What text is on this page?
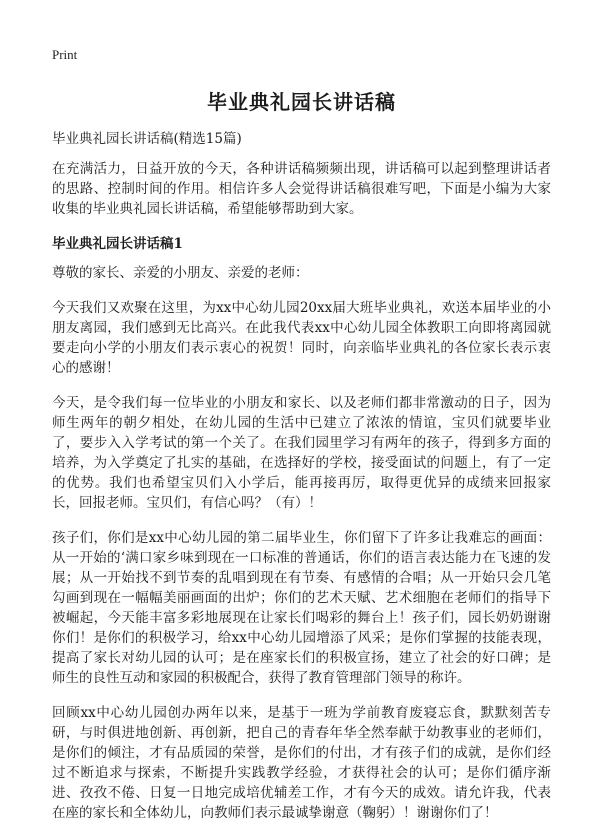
Print
毕业典礼园长讲话稿
毕业典礼园长讲话稿(精选15篇)
在充满活力，日益开放的今天，各种讲话稿频频出现，讲话稿可以起到整理讲话者的思路、控制时间的作用。相信许多人会觉得讲话稿很难写吧，下面是小编为大家收集的毕业典礼园长讲话稿，希望能够帮助到大家。
毕业典礼园长讲话稿1
尊敬的家长、亲爱的小朋友、亲爱的老师：
今天我们又欢聚在这里，为xx中心幼儿园20xx届大班毕业典礼，欢送本届毕业的小朋友离园，我们感到无比高兴。在此我代表xx中心幼儿园全体教职工向即将离园就要走向小学的小朋友们表示衷心的祝贺！同时，向亲临毕业典礼的各位家长表示衷心的感谢！
今天，是令我们每一位毕业的小朋友和家长、以及老师们都非常激动的日子，因为师生两年的朝夕相处，在幼儿园的生活中已建立了浓浓的情谊，宝贝们就要毕业了，要步入入学考试的第一个关了。在我们园里学习有两年的孩子，得到多方面的培养，为入学奠定了扎实的基础，在选择好的学校，接受面试的问题上，有了一定的优势。我们也希望宝贝们入小学后，能再接再厉，取得更优异的成绩来回报家长，回报老师。宝贝们，有信心吗？（有）！
孩子们，你们是xx中心幼儿园的第二届毕业生，你们留下了许多让我难忘的画面：从一开始的‘满口家乡味到现在一口标准的普通话，你们的语言表达能力在飞速的发展；从一开始找不到节奏的乱唱到现在有节奏、有感情的合唱；从一开始只会几笔勾画到现在一幅幅美丽画面的出炉；你们的艺术天赋、艺术细胞在老师们的指导下被崛起，今天能丰富多彩地展现在让家长们喝彩的舞台上！孩子们，园长奶奶谢谢你们！是你们的积极学习，给xx中心幼儿园增添了风采；是你们掌握的技能表现，提高了家长对幼儿园的认可；是在座家长们的积极宣扬，建立了社会的好口碑；是师生的良性互动和家园的积极配合，获得了教育管理部门领导的称许。
回顾xx中心幼儿园创办两年以来，是基于一班为学前教育废寝忘食，默默刻苦专研，与时俱进地创新、再创新，把自己的青春年华全然奉献于幼教事业的老师们，是你们的倾注，才有品质园的荣誉，是你们的付出，才有孩子们的成就，是你们经过不断追求与探索，不断提升实践教学经验，才获得社会的认可；是你们循序渐进、孜孜不倦、日复一日地完成培优辅差工作，才有今天的成效。请允许我，代表在座的家长和全体幼儿，向教师们表示最诚挚谢意（鞠躬）！谢谢你们了！
